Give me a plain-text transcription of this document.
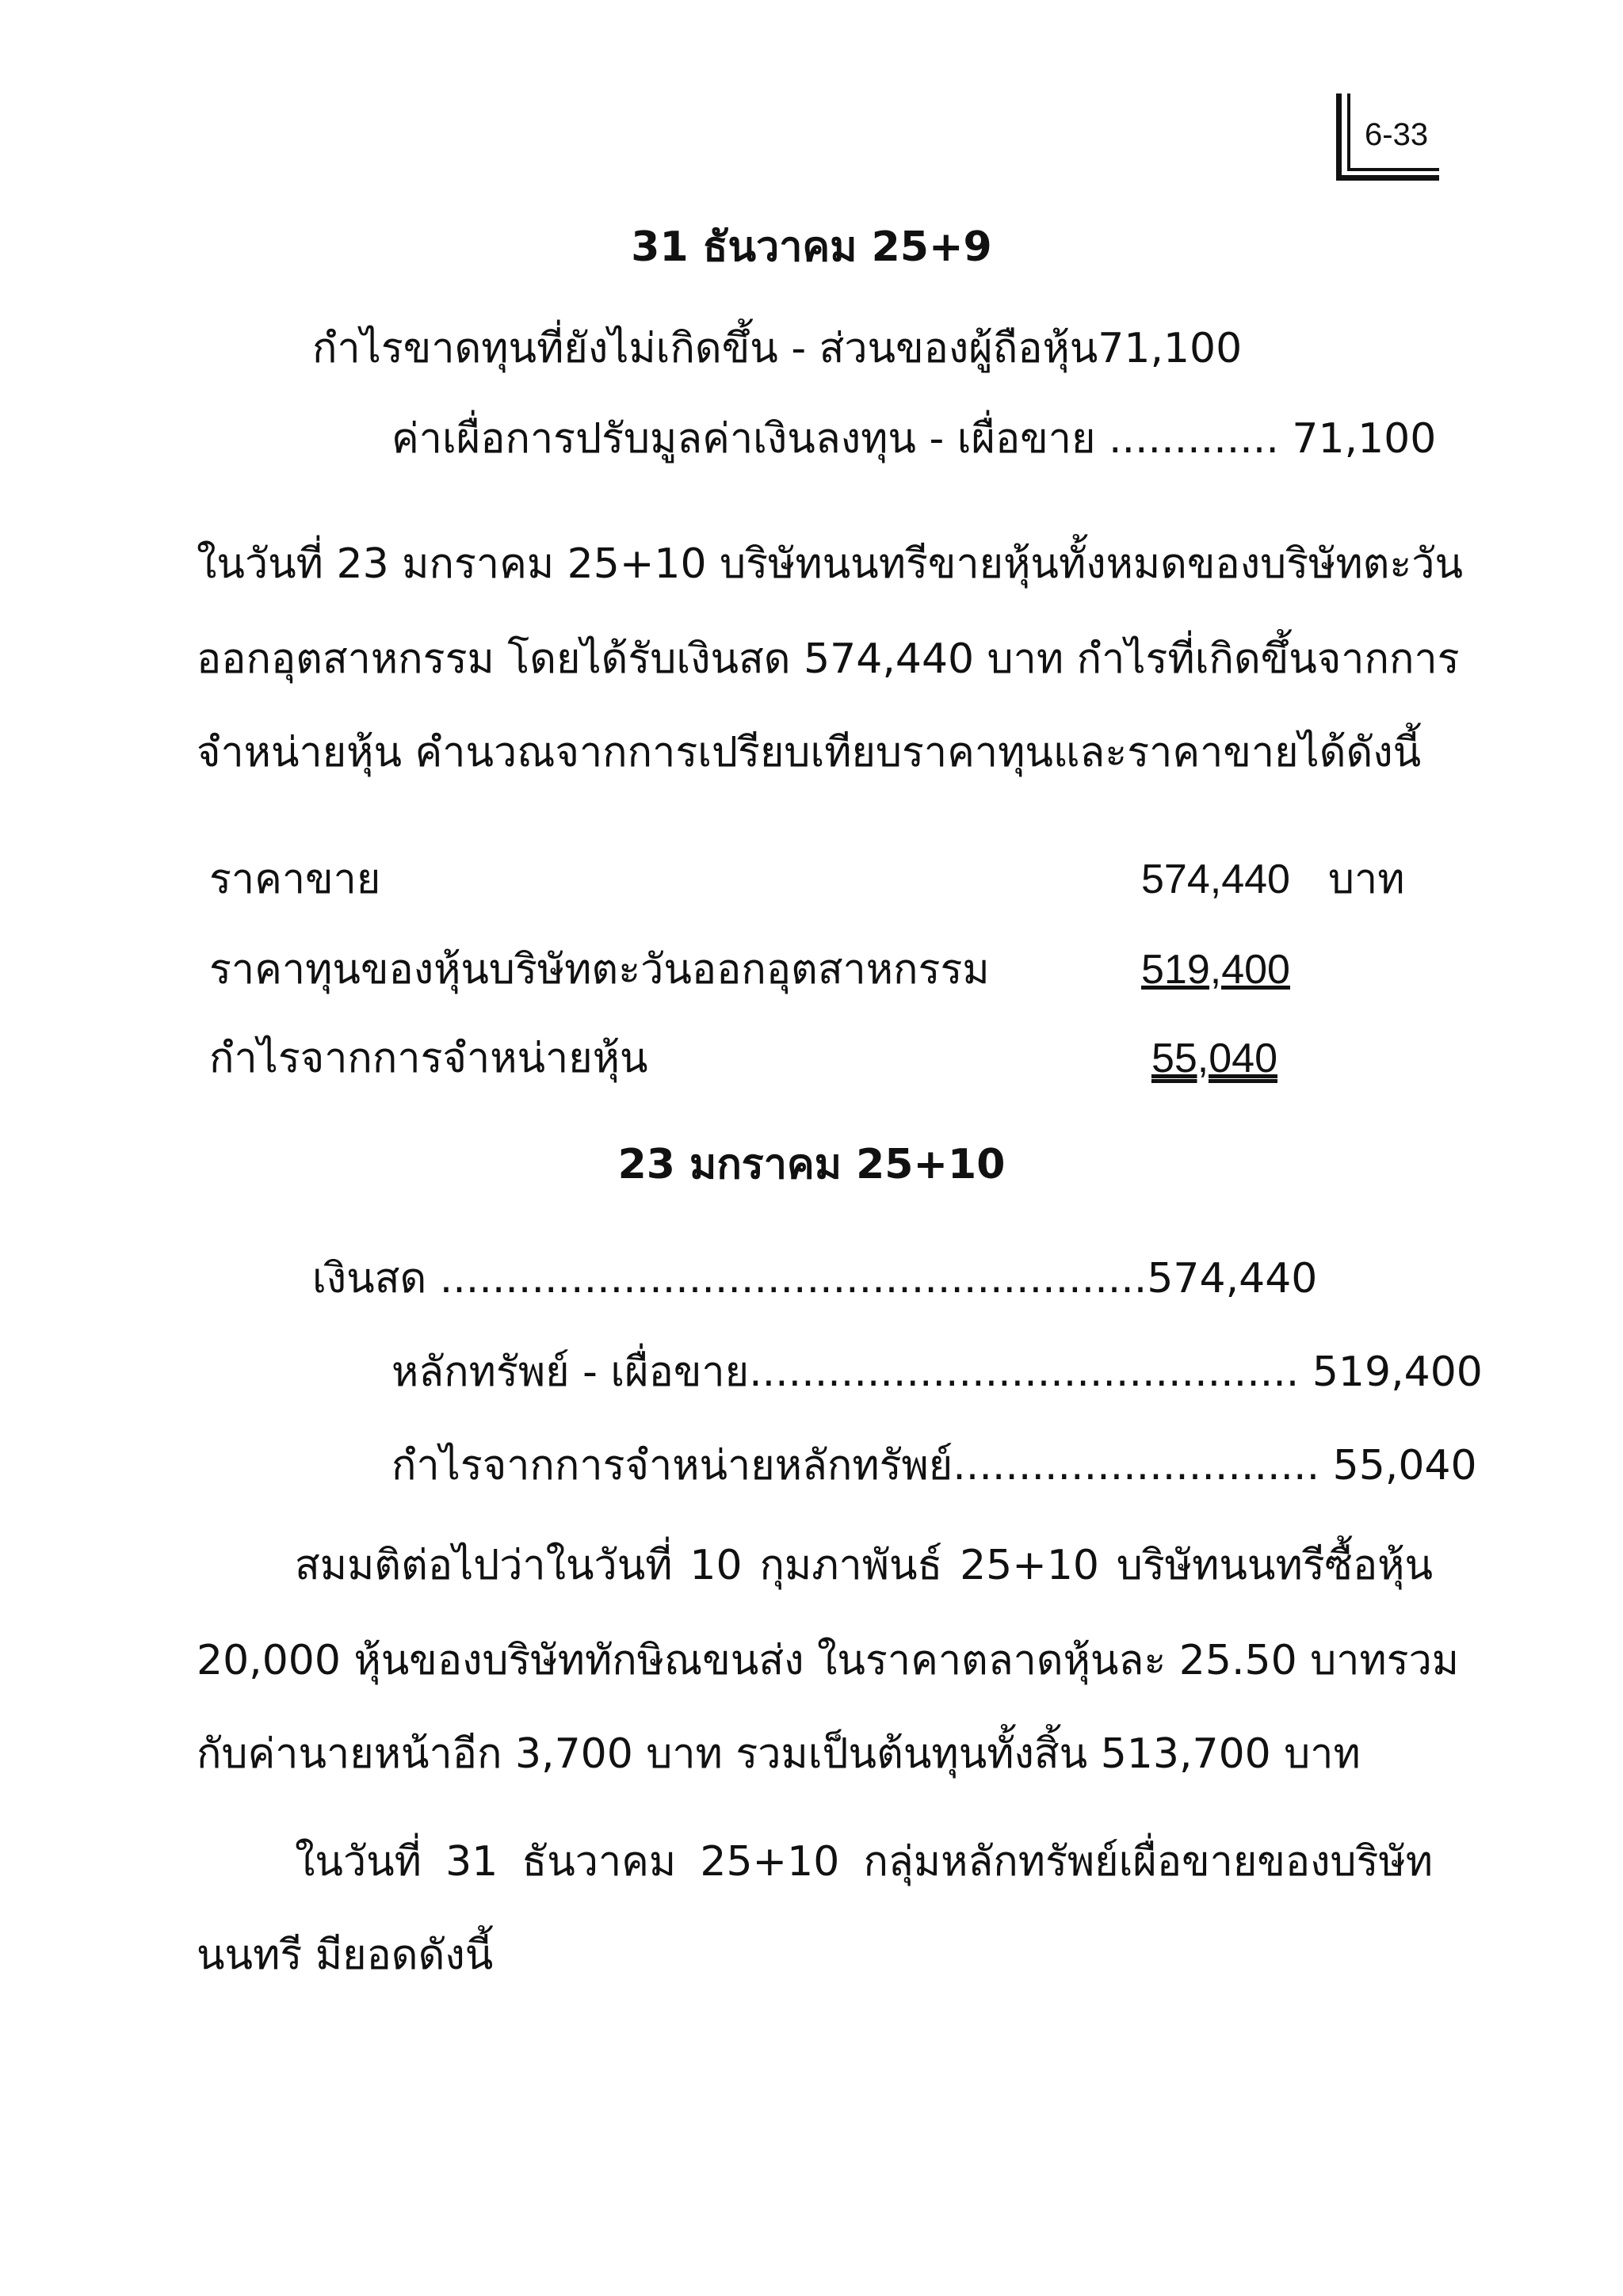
6-33
31 ธันวาคม 25+9
กำไรขาดทุนที่ยังไม่เกิดขึ้น - ส่วนของผู้ถือหุ้น71,100
ค่าเผื่อการปรับมูลค่าเงินลงทุน - เผื่อขาย ............. 71,100
ในวันที่ 23 มกราคม 25+10 บริษัทนนทรีขายหุ้นทั้งหมดของบริษัทตะวัน
ออกอุตสาหกรรม โดยได้รับเงินสด 574,440 บาท กำไรที่เกิดขึ้นจากการ
จำหน่ายหุ้น คำนวณจากการเปรียบเทียบราคาทุนและราคาขายได้ดังนี้
ราคาขาย	574,440 บาท
ราคาทุนของหุ้นบริษัทตะวันออกอุตสาหกรรม	519,400
กำไรจากการจำหน่ายหุ้น	55,040
23 มกราคม 25+10
เงินสด ......................................................574,440
หลักทรัพย์ - เผื่อขาย.......................................... 519,400
กำไรจากการจำหน่ายหลักทรัพย์............................ 55,040
สมมติต่อไปว่าในวันที่ 10 กุมภาพันธ์ 25+10 บริษัทนนทรีซื้อหุ้น
20,000 หุ้นของบริษัททักษิณขนส่ง ในราคาตลาดหุ้นละ 25.50 บาทรวม
กับค่านายหน้าอีก 3,700 บาท รวมเป็นต้นทุนทั้งสิ้น 513,700 บาท
ในวันที่ 31 ธันวาคม 25+10 กลุ่มหลักทรัพย์เผื่อขายของบริษัท
นนทรี มียอดดังนี้
